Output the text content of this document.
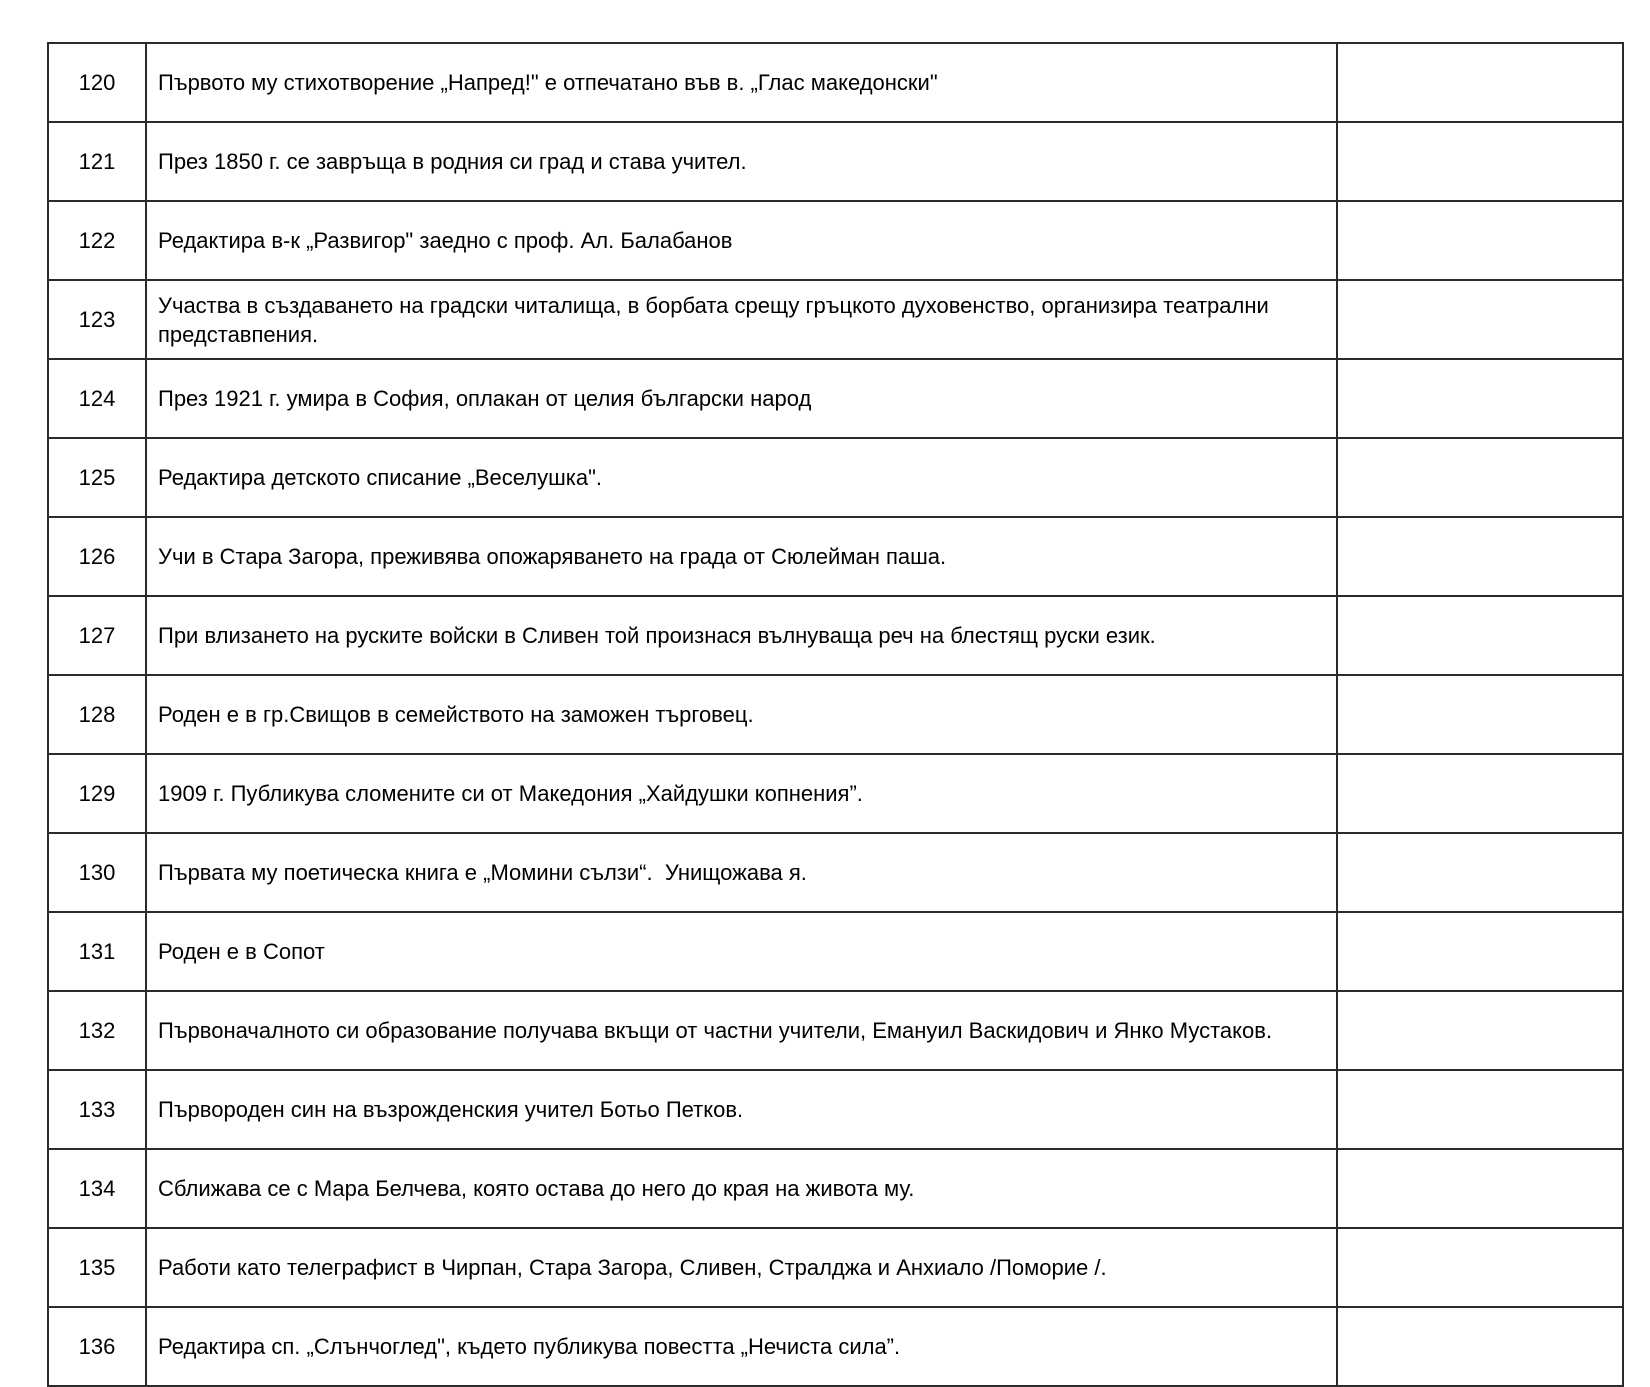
120	Първото му стихотворение „Напред!" е отпечатано във в. „Глас македонски"	
121	През 1850 г. се завръща в родния си град и става учител.	
122	Редактира в-к „Развигор" заедно с проф. Ал. Балабанов	
123	Участва в създаването на градски читалища, в борбата срещу гръцкото духовенство, организира театрални представпения.	
124	През 1921 г. умира в София, оплакан от целия български народ	
125	Редактира детското списание „Веселушка".	
126	Учи в Стара Загора, преживява опожаряването на града от Сюлейман паша.	
127	При влизането на руските войски в Сливен той произнася вълнуваща реч на блестящ руски език.	
128	Роден е в гр.Свищов в семейството на заможен търговец.	
129	1909 г. Публикува сломените си от Македония „Хайдушки копнения”.	
130	Първата му поетическа книга е „Момини сълзи“.  Унищожава я.	
131	Роден е в Сопот	
132	Първоначалното си образование получава вкъщи от частни учители, Емануил Васкидович и Янко Мустаков.	
133	Първороден син на възрожденския учител Ботьо Петков.	
134	Сближава се с Мара Белчева, която остава до него до края на живота му.	
135	Работи като телеграфист в Чирпан, Стара Загора, Сливен, Стралджа и Анхиало /Поморие /.	
136	Редактира сп. „Слънчоглед", където публикува повестта „Нечиста сила”.	
